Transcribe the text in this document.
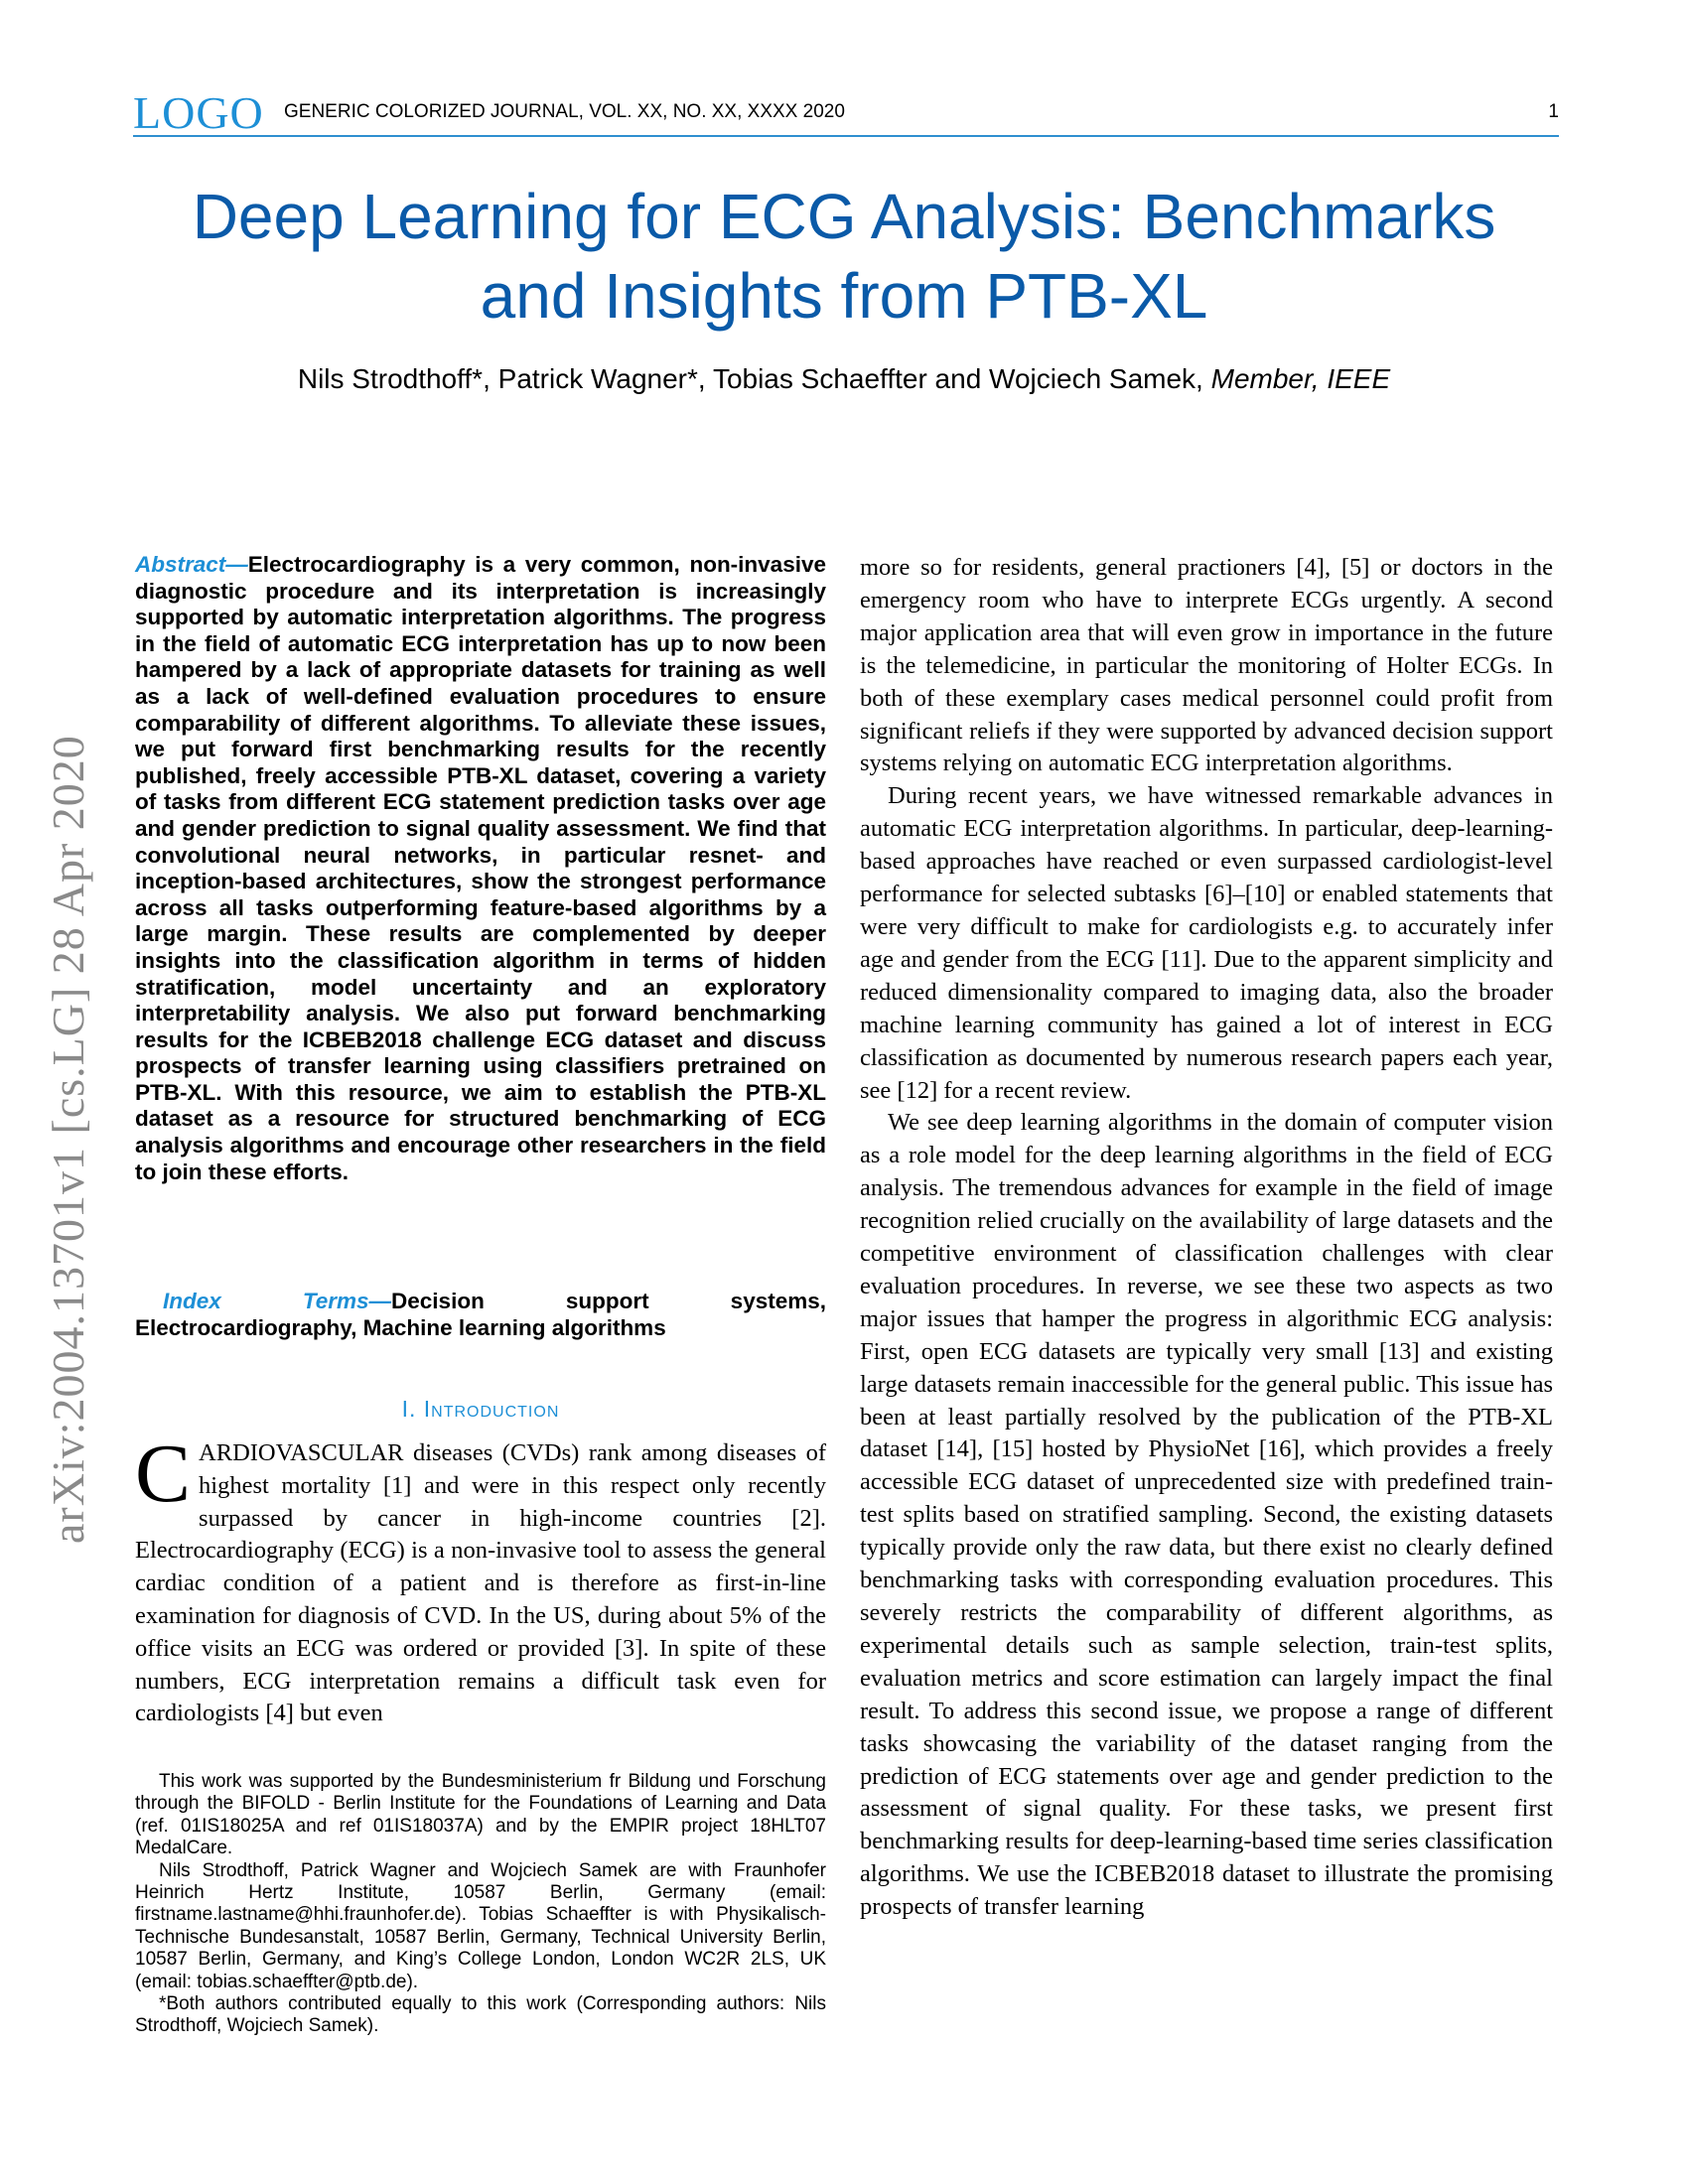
LOGO GENERIC COLORIZED JOURNAL, VOL. XX, NO. XX, XXXX 2020	1
Deep Learning for ECG Analysis: Benchmarks
and Insights from PTB-XL
Nils Strodthoff*, Patrick Wagner*, Tobias Schaeffter and Wojciech Samek, Member, IEEE
arXiv:2004.13701v1 [cs.LG] 28 Apr 2020
Abstract—Electrocardiography is a very common, non-invasive diagnostic procedure and its interpretation is increasingly supported by automatic interpretation algorithms. The progress in the field of automatic ECG interpretation has up to now been hampered by a lack of appropriate datasets for training as well as a lack of well-defined evaluation procedures to ensure comparability of different algorithms. To alleviate these issues, we put forward first benchmarking results for the recently published, freely accessible PTB-XL dataset, covering a variety of tasks from different ECG statement prediction tasks over age and gender prediction to signal quality assessment. We find that convolutional neural networks, in particular resnet- and inception-based architectures, show the strongest performance across all tasks outperforming feature-based algorithms by a large margin. These results are complemented by deeper insights into the classification algorithm in terms of hidden stratification, model uncertainty and an exploratory interpretability analysis. We also put forward benchmarking results for the ICBEB2018 challenge ECG dataset and discuss prospects of transfer learning using classifiers pretrained on PTB-XL. With this resource, we aim to establish the PTB-XL dataset as a resource for structured benchmarking of ECG analysis algorithms and encourage other researchers in the field to join these efforts.
Index Terms—Decision support systems, Electrocardiography, Machine learning algorithms
I. Introduction
CARDIOVASCULAR diseases (CVDs) rank among diseases of highest mortality [1] and were in this respect only recently surpassed by cancer in high-income countries [2]. Electrocardiography (ECG) is a non-invasive tool to assess the general cardiac condition of a patient and is therefore as first-in-line examination for diagnosis of CVD. In the US, during about 5% of the office visits an ECG was ordered or provided [3]. In spite of these numbers, ECG interpretation remains a difficult task even for cardiologists [4] but even

This work was supported by the Bundesministerium fr Bildung und Forschung through the BIFOLD - Berlin Institute for the Foundations of Learning and Data (ref. 01IS18025A and ref 01IS18037A) and by the EMPIR project 18HLT07 MedalCare.

Nils Strodthoff, Patrick Wagner and Wojciech Samek are with Fraunhofer Heinrich Hertz Institute, 10587 Berlin, Germany (email: firstname.lastname@hhi.fraunhofer.de). Tobias Schaeffter is with Physikalisch-Technische Bundesanstalt, 10587 Berlin, Germany, Technical University Berlin, 10587 Berlin, Germany, and King’s College London, London WC2R 2LS, UK (email: tobias.schaeffter@ptb.de).

*Both authors contributed equally to this work (Corresponding authors: Nils Strodthoff, Wojciech Samek).

more so for residents, general practioners [4], [5] or doctors in the emergency room who have to interprete ECGs urgently. A second major application area that will even grow in importance in the future is the telemedicine, in particular the monitoring of Holter ECGs. In both of these exemplary cases medical personnel could profit from significant reliefs if they were supported by advanced decision support systems relying on automatic ECG interpretation algorithms.

During recent years, we have witnessed remarkable advances in automatic ECG interpretation algorithms. In particular, deep-learning-based approaches have reached or even surpassed cardiologist-level performance for selected subtasks [6]–[10] or enabled statements that were very difficult to make for cardiologists e.g. to accurately infer age and gender from the ECG [11]. Due to the apparent simplicity and reduced dimensionality compared to imaging data, also the broader machine learning community has gained a lot of interest in ECG classification as documented by numerous research papers each year, see [12] for a recent review.

We see deep learning algorithms in the domain of computer vision as a role model for the deep learning algorithms in the field of ECG analysis. The tremendous advances for example in the field of image recognition relied crucially on the availability of large datasets and the competitive environment of classification challenges with clear evaluation procedures. In reverse, we see these two aspects as two major issues that hamper the progress in algorithmic ECG analysis: First, open ECG datasets are typically very small [13] and existing large datasets remain inaccessible for the general public. This issue has been at least partially resolved by the publication of the PTB-XL dataset [14], [15] hosted by PhysioNet [16], which provides a freely accessible ECG dataset of unprecedented size with predefined train-test splits based on stratified sampling. Second, the existing datasets typically provide only the raw data, but there exist no clearly defined benchmarking tasks with corresponding evaluation procedures. This severely restricts the comparability of different algorithms, as experimental details such as sample selection, train-test splits, evaluation metrics and score estimation can largely impact the final result. To address this second issue, we propose a range of different tasks showcasing the variability of the dataset ranging from the prediction of ECG statements over age and gender prediction to the assessment of signal quality. For these tasks, we present first benchmarking results for deep-learning-based time series classification algorithms. We use the ICBEB2018 dataset to illustrate the promising prospects of transfer learning
